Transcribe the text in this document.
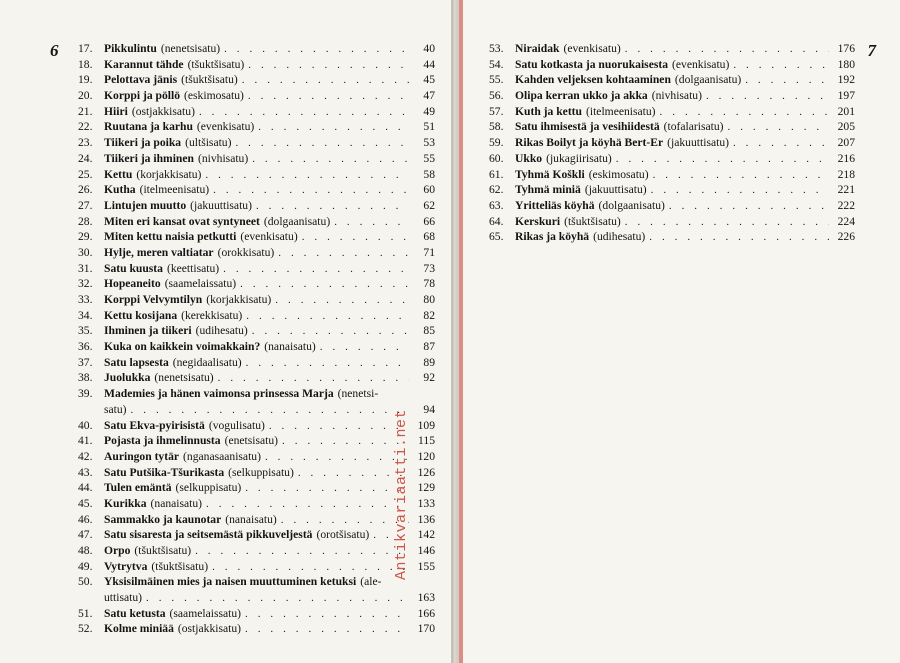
6 17. Pikkulintu (nenetsisatu) . . .	40
18. Karannut tähde (tšuktšisatu) . . .	44
19. Pelottava jänis (tšuktšisatu) . . .	45
20. Korppi ja pöllö (eskimosatu) . . .	47
21. Hiiri (ostjakkisatu) . . .	49
22. Ruutana ja karhu (evenkisatu) . . .	51
23. Tiikeri ja poika (ultšisatu) . . .	53
24. Tiikeri ja ihminen (nivhisatu) . . .	55
25. Kettu (korjakkisatu) . . .	58
26. Kutha (itelmeenisatu) . . .	60
27. Lintujen muutto (jakuuttisatu) . . .	62
28. Miten eri kansat ovat syntyneet (dolgaanisatu) . . .	66
29. Miten kettu naisia petkutti (evenkisatu) . . .	68
30. Hylje, meren valtiatar (orokkisatu) . . .	71
31. Satu kuusta (keettisatu) . . .	73
32. Hopeaneito (saamelaissatu) . . .	78
33. Korppi Velvymtilyn (korjakkisatu) . . .	80
34. Kettu kosijana (kerekkisatu) . . .	82
35. Ihminen ja tiikeri (udihesatu) . . .	85
36. Kuka on kaikkein voimakkain? (nanaisatu) . . .	87
37. Satu lapsesta (negidaalisatu) . . .	89
38. Juolukka (nenetsisatu) . . .	92
39. Mademies ja hänen vaimonsa prinsessa Marja (nenetsi-
satu) . . .	94
40. Satu Ekva-pyirisistä (vogulisatu) . . .	109
41. Pojasta ja ihmelinnusta (enetsisatu) . . .	115
42. Auringon tytär (nganasaanisatu) . . .	120
43. Satu Putšika-Tšurikasta (selkuppisatu) . . .	126
44. Tulen emäntä (selkuppisatu) . . .	129
45. Kurikka (nanaisatu) . . .	133
46. Sammakko ja kaunotar (nanaisatu) . . .	136
47. Satu sisaresta ja seitsemästä pikkuveljestä (orotšisatu) . . .	142
48. Orpo (tšuktšisatu) . . .	146
49. Vytrytva (tšuktšisatu) . . .	155
50. Yksisilmäinen mies ja naisen muuttuminen ketuksi (ale-
uttisatu) . . .	163
51. Satu ketusta (saamelaissatu) . . .	166
52. Kolme miniää (ostjakkisatu) . . .	170
Antikvariaatti.net
7
53. Niraidak (evenkisatu) . . .	176
54. Satu kotkasta ja nuorukaisesta (evenkisatu) . . .	180
55. Kahden veljeksen kohtaaminen (dolgaanisatu) . . .	192
56. Olipa kerran ukko ja akka (nivhisatu) . . .	197
57. Kuth ja kettu (itelmeenisatu) . . .	201
58. Satu ihmisestä ja vesihiidestä (tofalarisatu) . . .	205
59. Rikas Boilyt ja köyhä Bert-Er (jakuuttisatu) . . .	207
60. Ukko (jukagiirisatu) . . .	216
61. Tyhmä Koškli (eskimosatu) . . .	218
62. Tyhmä miniä (jakuuttisatu) . . .	221
63. Yritteliäs köyhä (dolgaanisatu) . . .	222
64. Kerskuri (tšuktšisatu) . . .	224
65. Rikas ja köyhä (udihesatu) . . .	226
